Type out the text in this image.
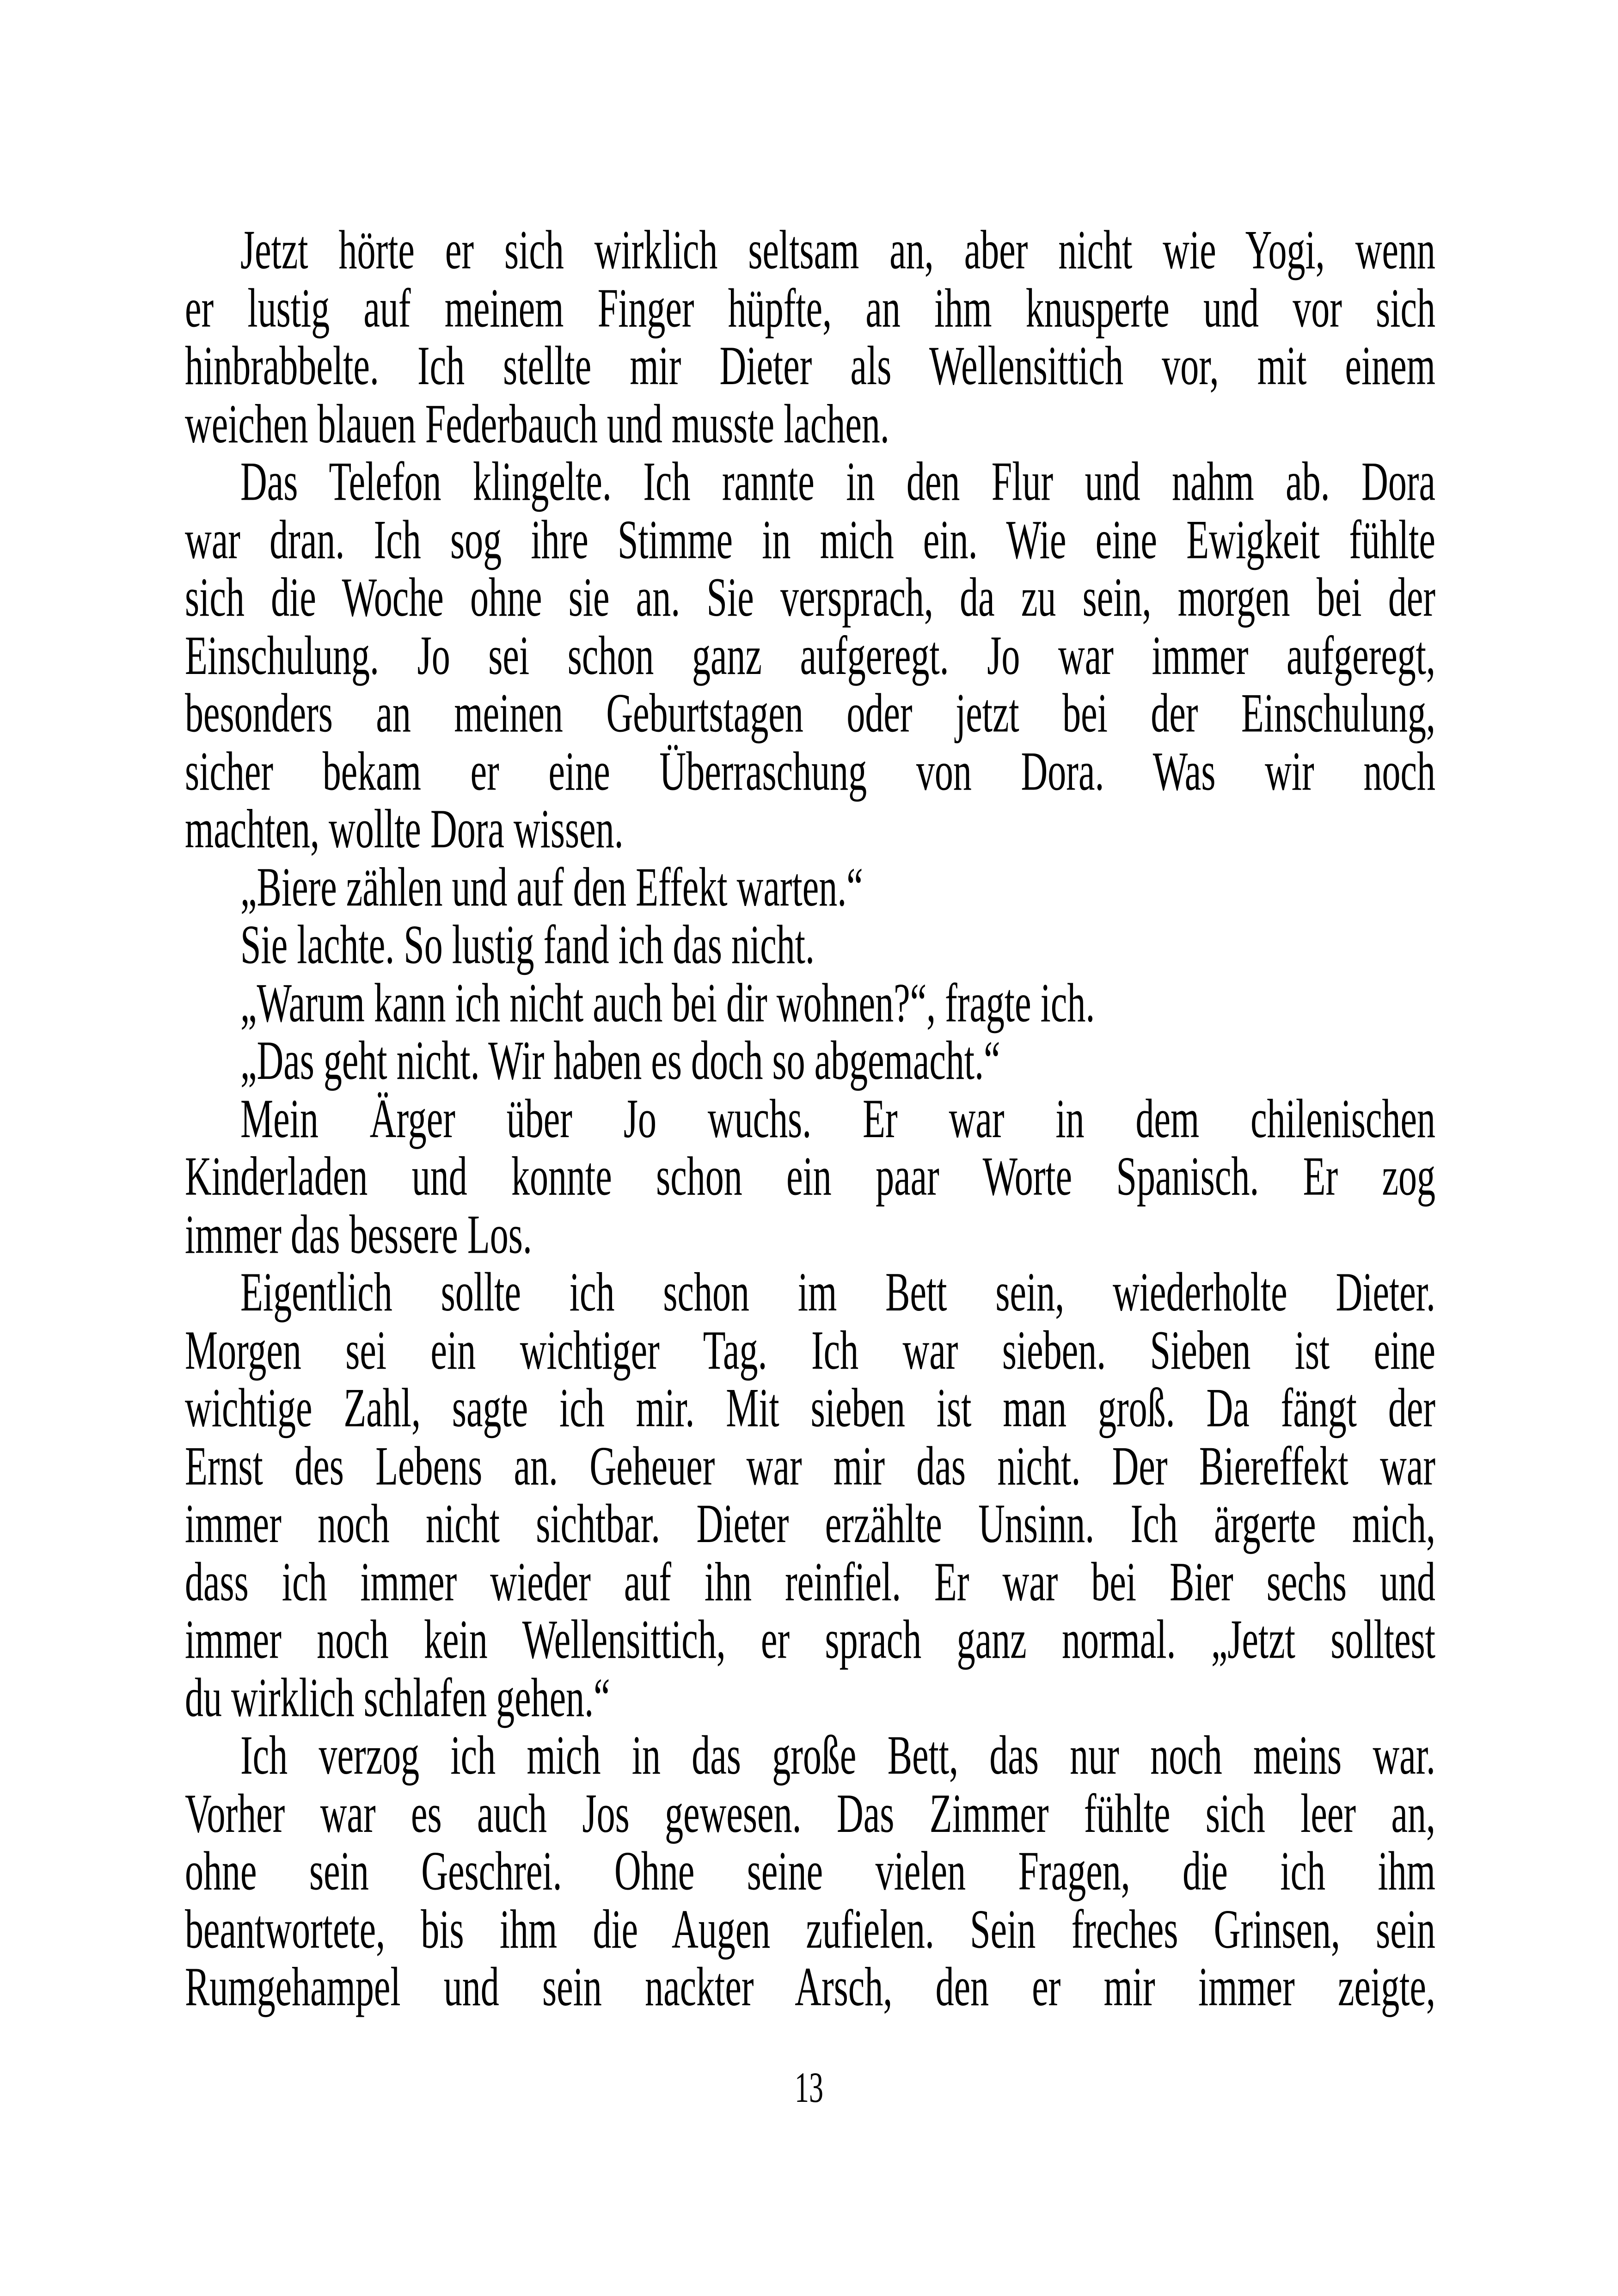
Jetzt hörte er sich wirklich seltsam an, aber nicht wie Yogi, wenn
er lustig auf meinem Finger hüpfte, an ihm knusperte und vor sich
hinbrabbelte. Ich stellte mir Dieter als Wellensittich vor, mit einem
weichen blauen Federbauch und musste lachen.
Das Telefon klingelte. Ich rannte in den Flur und nahm ab. Dora
war dran. Ich sog ihre Stimme in mich ein. Wie eine Ewigkeit fühlte
sich die Woche ohne sie an. Sie versprach, da zu sein, morgen bei der
Einschulung. Jo sei schon ganz aufgeregt. Jo war immer aufgeregt,
besonders an meinen Geburtstagen oder jetzt bei der Einschulung,
sicher bekam er eine Überraschung von Dora. Was wir noch
machten, wollte Dora wissen.
„Biere zählen und auf den Effekt warten.“
Sie lachte. So lustig fand ich das nicht.
„Warum kann ich nicht auch bei dir wohnen?“, fragte ich.
„Das geht nicht. Wir haben es doch so abgemacht.“
Mein Ärger über Jo wuchs. Er war in dem chilenischen
Kinderladen und konnte schon ein paar Worte Spanisch. Er zog
immer das bessere Los.
Eigentlich sollte ich schon im Bett sein, wiederholte Dieter.
Morgen sei ein wichtiger Tag. Ich war sieben. Sieben ist eine
wichtige Zahl, sagte ich mir. Mit sieben ist man groß. Da fängt der
Ernst des Lebens an. Geheuer war mir das nicht. Der Biereffekt war
immer noch nicht sichtbar. Dieter erzählte Unsinn. Ich ärgerte mich,
dass ich immer wieder auf ihn reinfiel. Er war bei Bier sechs und
immer noch kein Wellensittich, er sprach ganz normal. „Jetzt solltest
du wirklich schlafen gehen.“
Ich verzog ich mich in das große Bett, das nur noch meins war.
Vorher war es auch Jos gewesen. Das Zimmer fühlte sich leer an,
ohne sein Geschrei. Ohne seine vielen Fragen, die ich ihm
beantwortete, bis ihm die Augen zufielen. Sein freches Grinsen, sein
Rumgehampel und sein nackter Arsch, den er mir immer zeigte,
13
